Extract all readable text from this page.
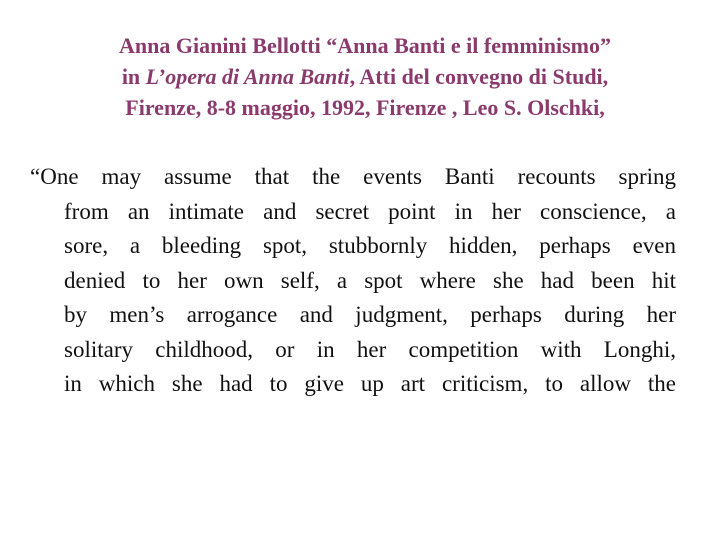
Anna Gianini Bellotti “Anna Banti e il femminismo”
in L’opera di Anna Banti, Atti del convegno di Studi,
Firenze, 8-8 maggio, 1992, Firenze , Leo S. Olschki,

“One may assume that the events Banti recounts spring
from an intimate and secret point in her conscience, a
sore, a bleeding spot, stubbornly hidden, perhaps even
denied to her own self, a spot where she had been hit
by men’s arrogance and judgment, perhaps during her
solitary childhood, or in her competition with Longhi,
in which she had to give up art criticism, to allow the
